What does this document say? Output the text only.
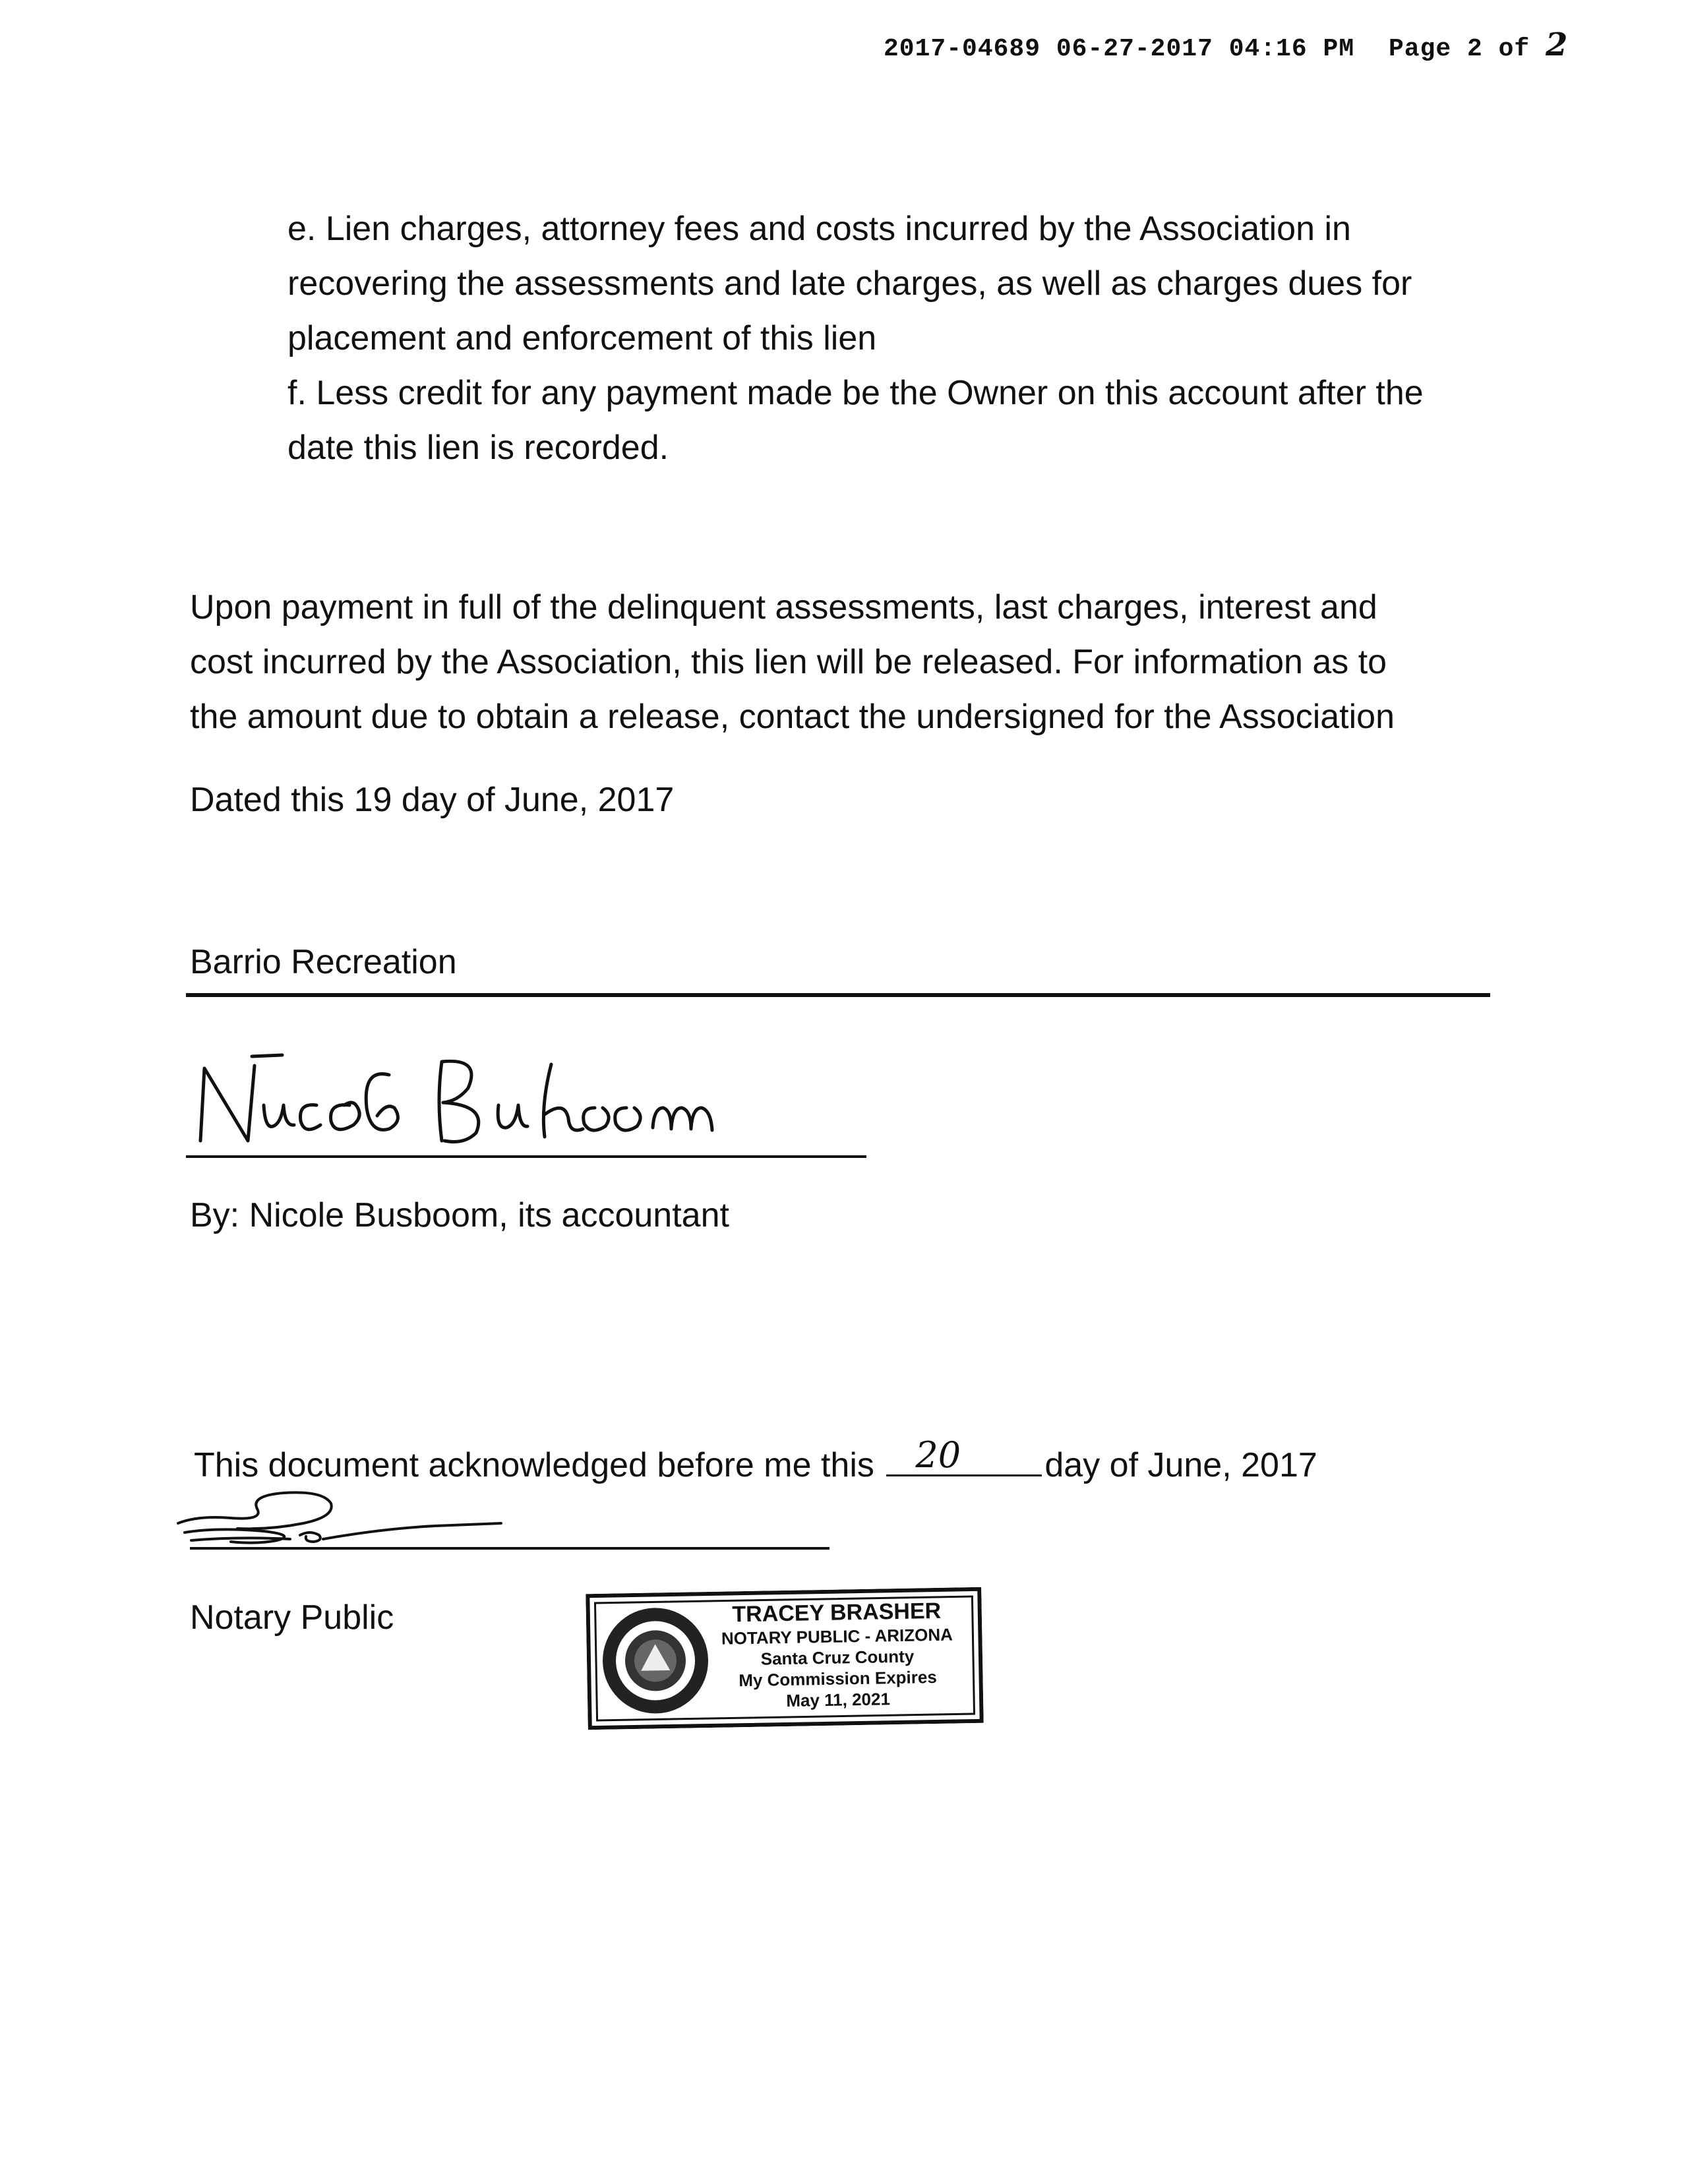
2017-04689 06-27-2017 04:16 PM Page 2 of 2

e. Lien charges, attorney fees and costs incurred by the Association in
recovering the assessments and late charges, as well as charges dues for
placement and enforcement of this lien

f. Less credit for any payment made be the Owner on this account after the
date this lien is recorded.

Upon payment in full of the delinquent assessments, last charges, interest and
cost incurred by the Association, this lien will be released. For information as to
the amount due to obtain a release, contact the undersigned for the Association

Dated this 19 day of June, 2017

Barrio Recreation

By: Nicole Busboom, its accountant

This document acknowledged before me this 20 day of June, 2017

Notary Public	TRACEY BRASHER
NOTARY PUBLIC - ARIZONA
Santa Cruz County
My Commission Expires
May 11, 2021
